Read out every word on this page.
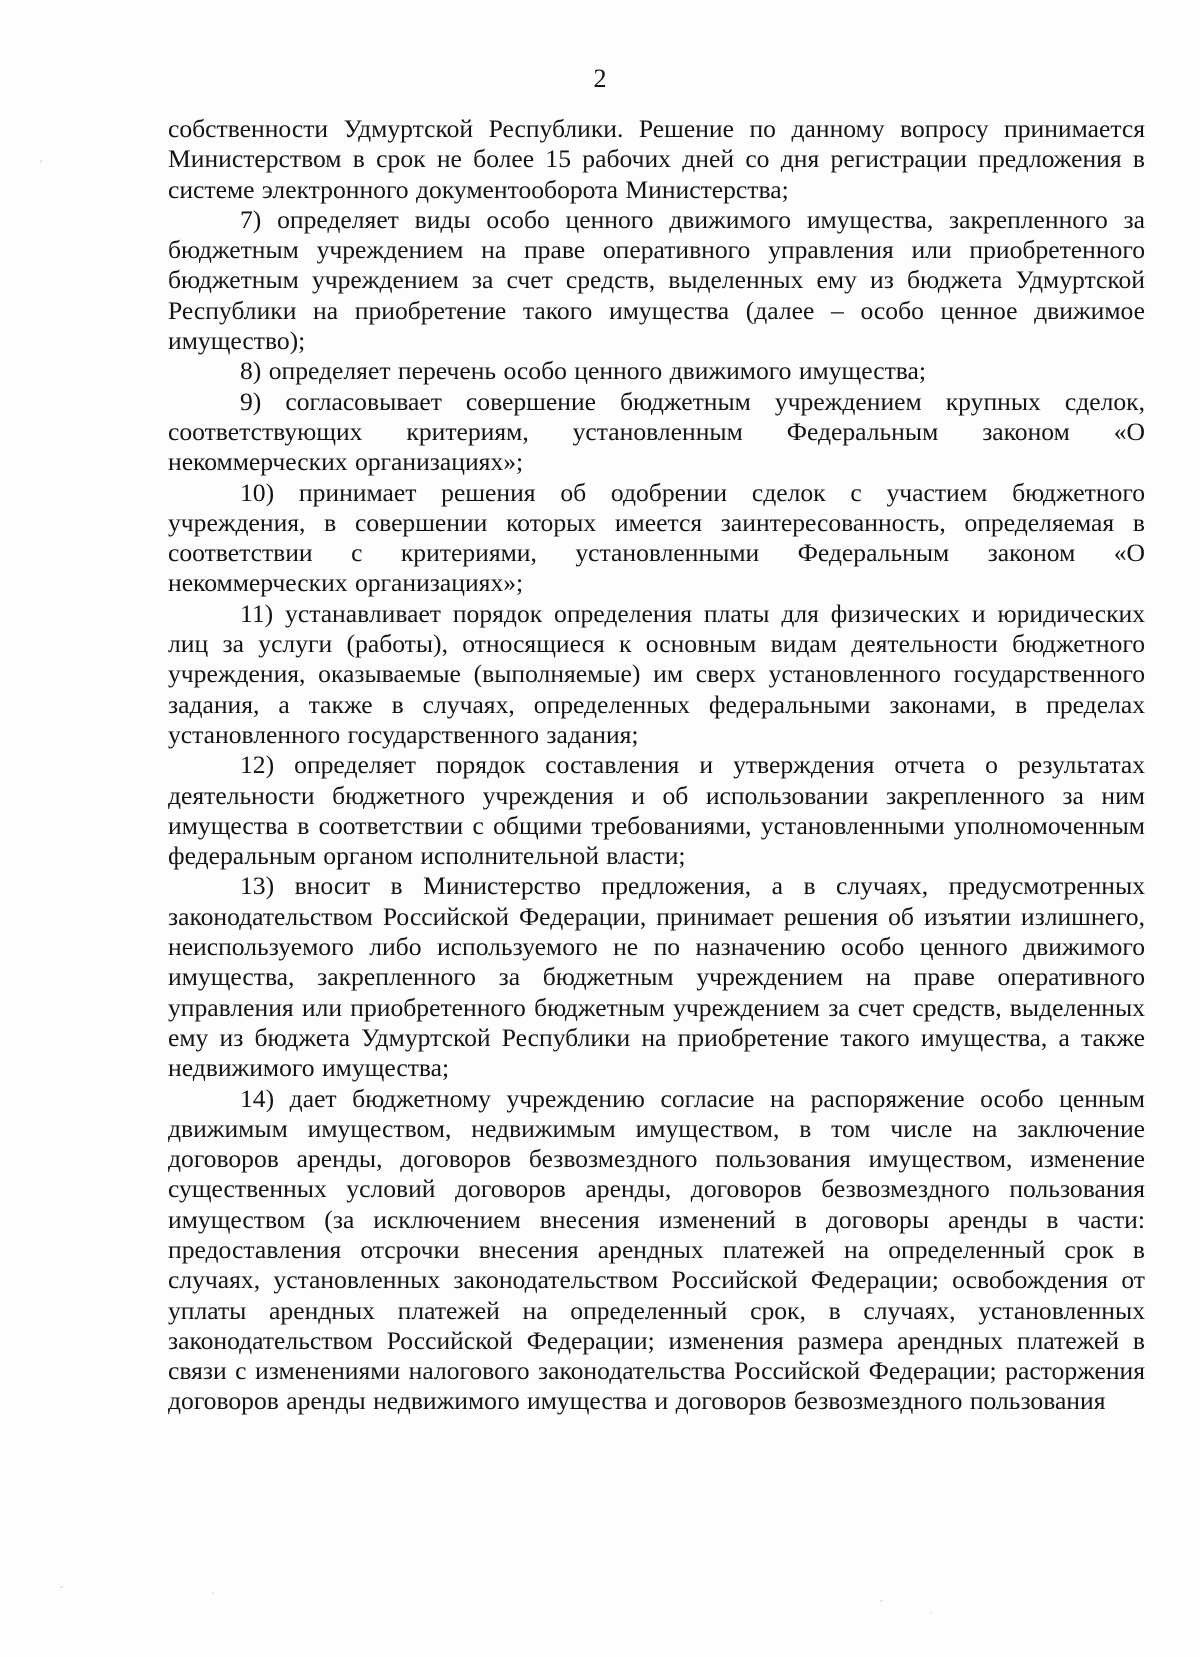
2

собственности Удмуртской Республики. Решение по данному вопросу принимается Министерством в срок не более 15 рабочих дней со дня регистрации предложения в системе электронного документооборота Министерства;

7) определяет виды особо ценного движимого имущества, закрепленного за бюджетным учреждением на праве оперативного управления или приобретенного бюджетным учреждением за счет средств, выделенных ему из бюджета Удмуртской Республики на приобретение такого имущества (далее – особо ценное движимое имущество);

8) определяет перечень особо ценного движимого имущества;

9) согласовывает совершение бюджетным учреждением крупных сделок, соответствующих критериям, установленным Федеральным законом «О некоммерческих организациях»;

10) принимает решения об одобрении сделок с участием бюджетного учреждения, в совершении которых имеется заинтересованность, определяемая в соответствии с критериями, установленными Федеральным законом «О некоммерческих организациях»;

11) устанавливает порядок определения платы для физических и юридических лиц за услуги (работы), относящиеся к основным видам деятельности бюджетного учреждения, оказываемые (выполняемые) им сверх установленного государственного задания, а также в случаях, определенных федеральными законами, в пределах установленного государственного задания;

12) определяет порядок составления и утверждения отчета о результатах деятельности бюджетного учреждения и об использовании закрепленного за ним имущества в соответствии с общими требованиями, установленными уполномоченным федеральным органом исполнительной власти;

13) вносит в Министерство предложения, а в случаях, предусмотренных законодательством Российской Федерации, принимает решения об изъятии излишнего, неиспользуемого либо используемого не по назначению особо ценного движимого имущества, закрепленного за бюджетным учреждением на праве оперативного управления или приобретенного бюджетным учреждением за счет средств, выделенных ему из бюджета Удмуртской Республики на приобретение такого имущества, а также недвижимого имущества;

14) дает бюджетному учреждению согласие на распоряжение особо ценным движимым имуществом, недвижимым имуществом, в том числе на заключение договоров аренды, договоров безвозмездного пользования имуществом, изменение существенных условий договоров аренды, договоров безвозмездного пользования имуществом (за исключением внесения изменений в договоры аренды в части: предоставления отсрочки внесения арендных платежей на определенный срок в случаях, установленных законодательством Российской Федерации; освобождения от уплаты арендных платежей на определенный срок, в случаях, установленных законодательством Российской Федерации; изменения размера арендных платежей в связи с изменениями налогового законодательства Российской Федерации; расторжения договоров аренды недвижимого имущества и договоров безвозмездного пользования
